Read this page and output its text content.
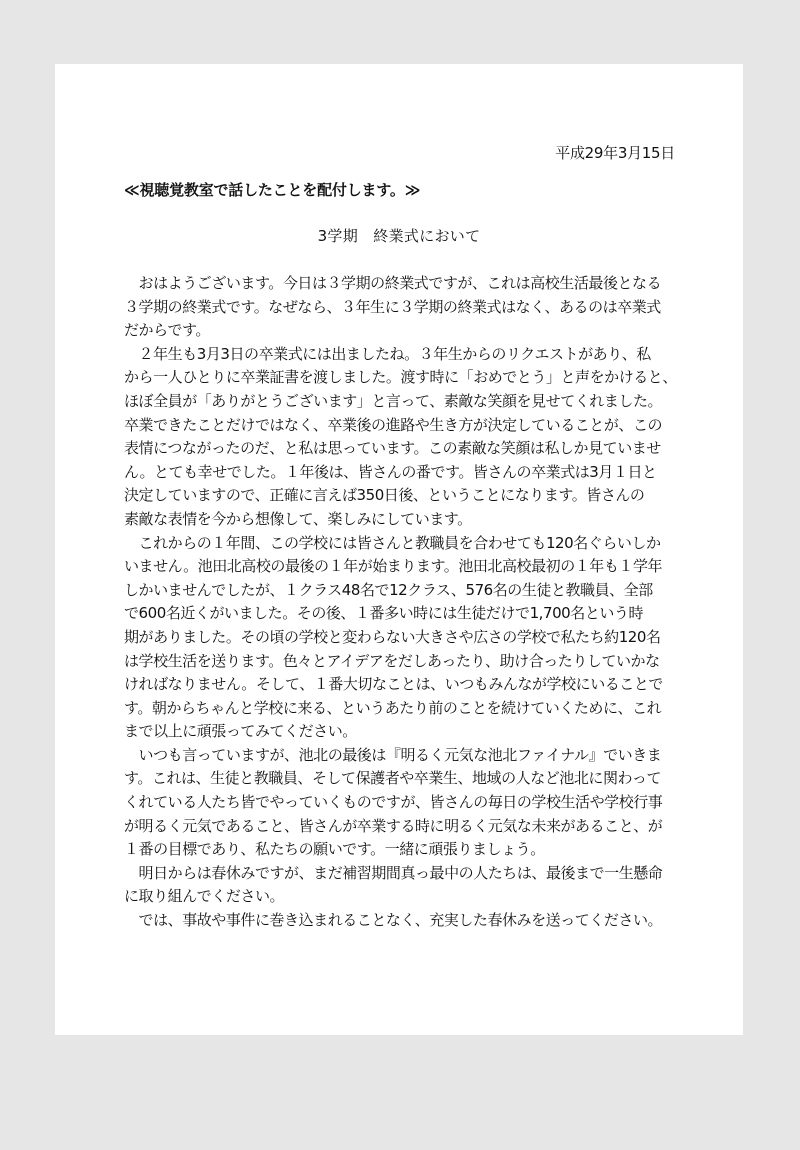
平成29年3月15日
≪視聴覚教室で話したことを配付します。≫
3学期　終業式において
　おはようございます。今日は３学期の終業式ですが、これは高校生活最後となる
３学期の終業式です。なぜなら、３年生に３学期の終業式はなく、あるのは卒業式
だからです。
　２年生も3月3日の卒業式には出ましたね。３年生からのリクエストがあり、私
から一人ひとりに卒業証書を渡しました。渡す時に「おめでとう」と声をかけると、
ほぼ全員が「ありがとうございます」と言って、素敵な笑顔を見せてくれました。
卒業できたことだけではなく、卒業後の進路や生き方が決定していることが、この
表情につながったのだ、と私は思っています。この素敵な笑顔は私しか見ていませ
ん。とても幸せでした。１年後は、皆さんの番です。皆さんの卒業式は3月１日と
決定していますので、正確に言えば350日後、ということになります。皆さんの
素敵な表情を今から想像して、楽しみにしています。
　これからの１年間、この学校には皆さんと教職員を合わせても120名ぐらいしか
いません。池田北高校の最後の１年が始まります。池田北高校最初の１年も１学年
しかいませんでしたが、１クラス48名で12クラス、576名の生徒と教職員、全部
で600名近くがいました。その後、１番多い時には生徒だけで1,700名という時
期がありました。その頃の学校と変わらない大きさや広さの学校で私たち約120名
は学校生活を送ります。色々とアイデアをだしあったり、助け合ったりしていかな
ければなりません。そして、１番大切なことは、いつもみんなが学校にいることで
す。朝からちゃんと学校に来る、というあたり前のことを続けていくために、これ
まで以上に頑張ってみてください。
　いつも言っていますが、池北の最後は『明るく元気な池北ファイナル』でいきま
す。これは、生徒と教職員、そして保護者や卒業生、地域の人など池北に関わって
くれている人たち皆でやっていくものですが、皆さんの毎日の学校生活や学校行事
が明るく元気であること、皆さんが卒業する時に明るく元気な未来があること、が
１番の目標であり、私たちの願いです。一緒に頑張りましょう。
　明日からは春休みですが、まだ補習期間真っ最中の人たちは、最後まで一生懸命
に取り組んでください。
　では、事故や事件に巻き込まれることなく、充実した春休みを送ってください。
